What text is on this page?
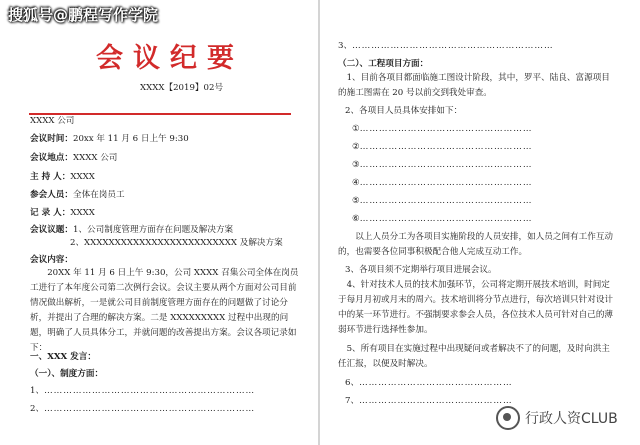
搜狐号@鹏程写作学院
会议纪要
XXXX【2019】02号
XXXX 公司
会议时间：20xx 年 11 月 6 日上午 9:30
会议地点：XXXX 公司
主 持 人：XXXX
参会人员：全体在岗员工
记 录 人：XXXX
会议议题：1、公司制度管理方面存在问题及解决方案
2、XXXXXXXXXXXXXXXXXXXXXXXXX 及解决方案
会议内容：
20XX 年 11 月 6 日上午 9:30，公司 XXXX 召集公司全体在岗员工进行了本年度公司第二次例行会议。会议主要从两个方面对公司目前情况做出解析，一是就公司目前制度管理方面存在的问题做了讨论分析，并提出了合理的解决方案。二是 XXXXXXXXX 过程中出现的问题，明确了人员具体分工，并就问题的改善提出方案。会议各项记录如下：
一、XXX 发言：
（一）、制度方面：
1、…………………………………………………………
2、…………………………………………………………
3、………………………………………………………
（二）、工程项目方面：
1、目前各项目都面临施工图设计阶段，其中，罗平、陆良、富源项目的施工图需在 20 号以前交到我处审查。
2、各项目人员具体安排如下：
①………………………………………………
②………………………………………………
③………………………………………………
④………………………………………………
⑤………………………………………………
⑥………………………………………………
以上人员分工为各项目实施阶段的人员安排，如人员之间有工作互动的，也需要各位同事积极配合他人完成互动工作。
3、各项目须不定期举行项目进展会议。
4、针对技术人员的技术加强环节，公司将定期开展技术培训，时间定于每月月初或月末的周六。技术培训将分节点进行，每次培训只针对设计中的某一环节进行。不强制要求参会人员，各位技术人员可针对自己的薄弱环节进行选择性参加。
5、所有项目在实施过程中出现疑问或者解决不了的问题，及时向洪主任汇报，以便及时解决。
6、…………………………………………
7、…………………………………………
行政人资CLUB
